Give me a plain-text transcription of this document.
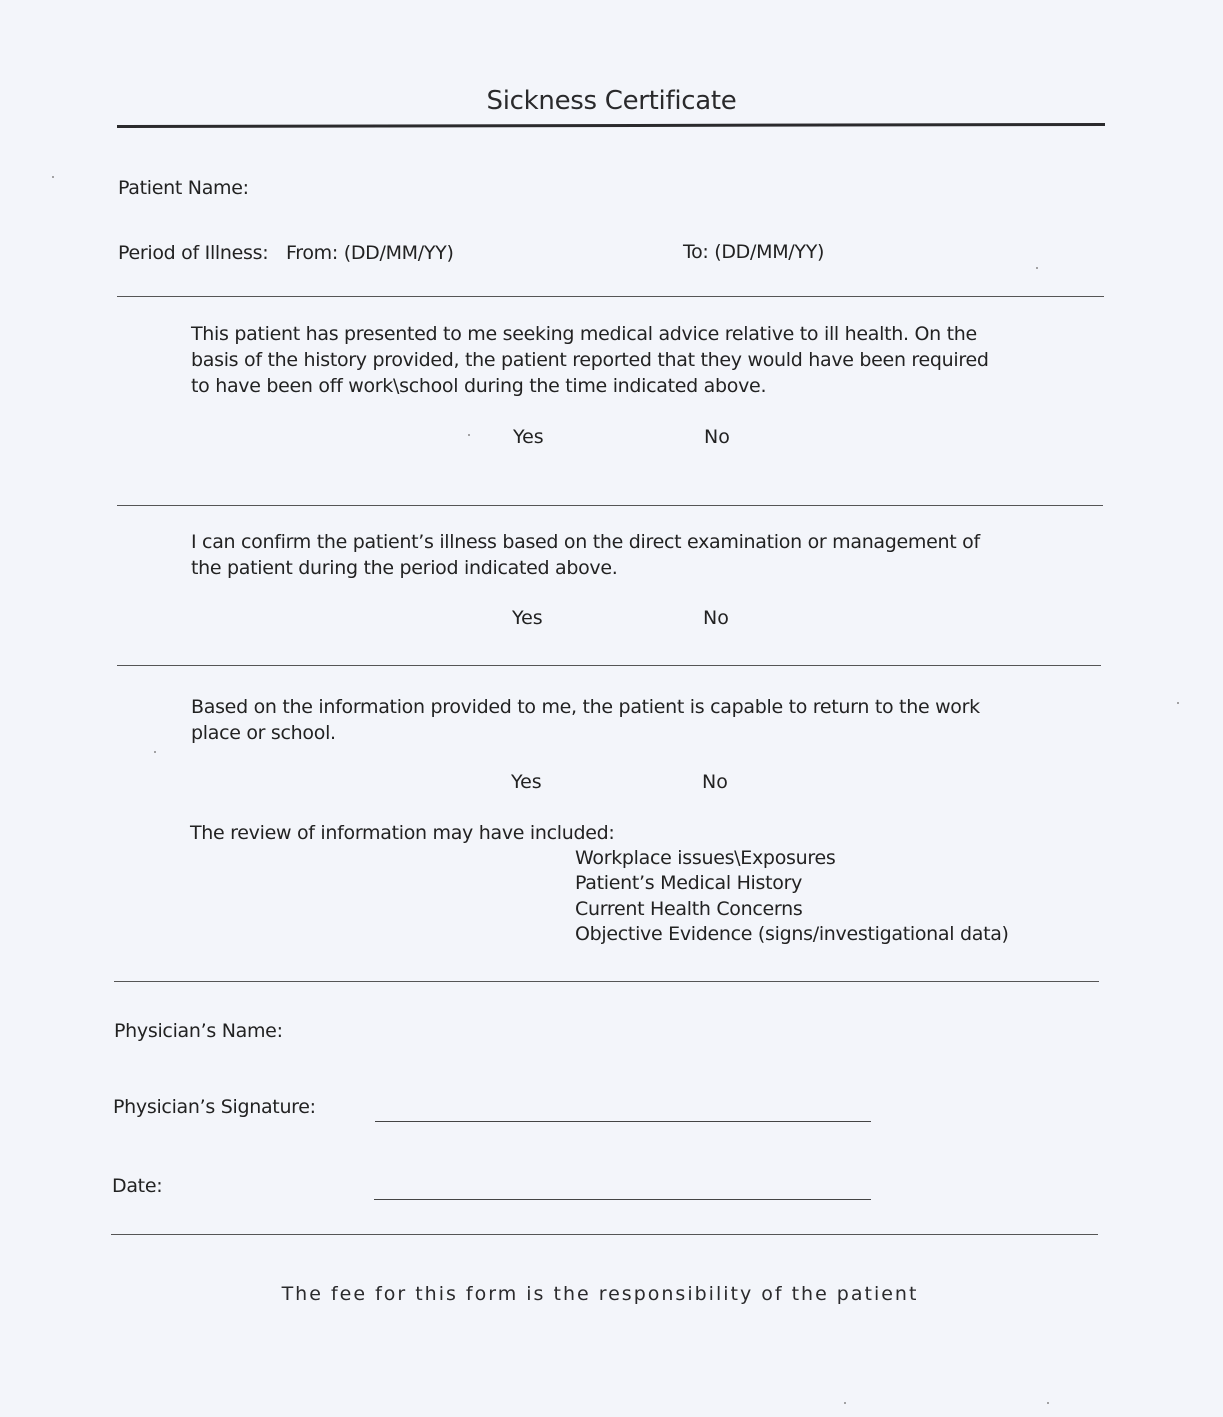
Sickness Certificate
Patient Name:
Period of Illness: From: (DD/MM/YY)	To: (DD/MM/YY)
This patient has presented to me seeking medical advice relative to ill health. On the
basis of the history provided, the patient reported that they would have been required
to have been off work\school during the time indicated above.
Yes	No
I can confirm the patient’s illness based on the direct examination or management of
the patient during the period indicated above.
Yes	No
Based on the information provided to me, the patient is capable to return to the work
place or school.
Yes	No
The review of information may have included:
Workplace issues\Exposures
Patient’s Medical History
Current Health Concerns
Objective Evidence (signs/investigational data)
Physician’s Name:
Physician’s Signature:
Date:
The fee for this form is the responsibility of the patient
